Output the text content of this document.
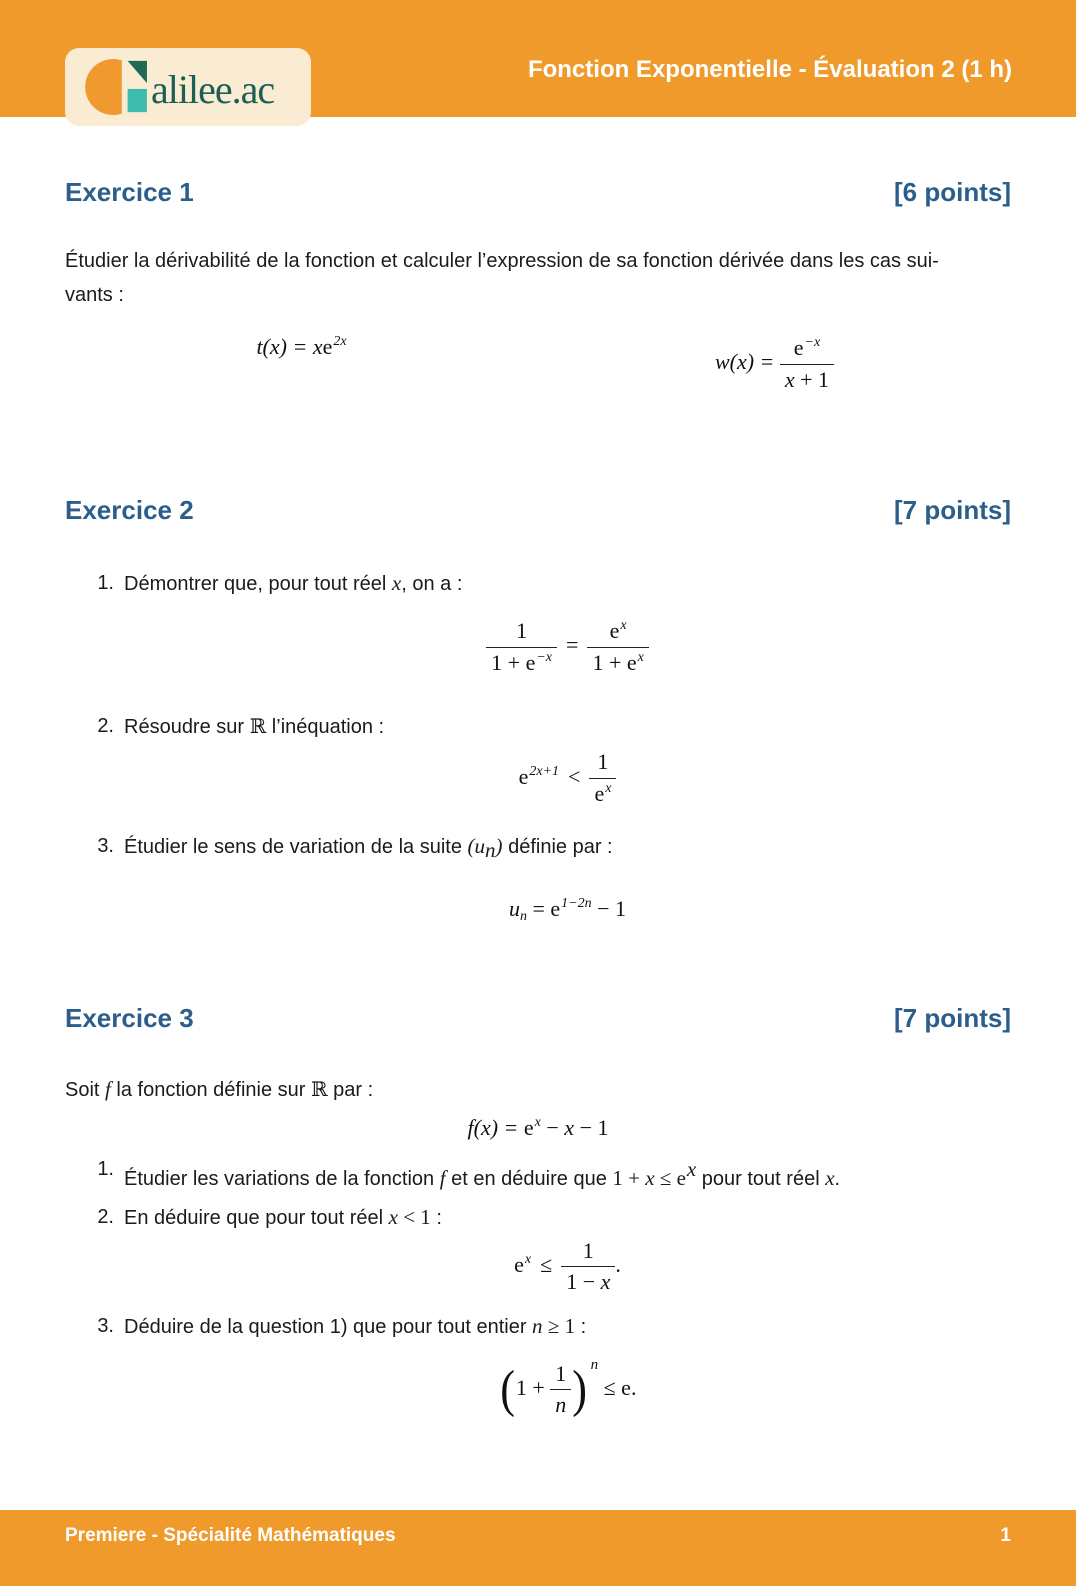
alilee.ac	Fonction Exponentielle - Évaluation 2 (1 h)
Exercice 1	[6 points]

Étudier la dérivabilité de la fonction et calculer l’expression de sa fonction dérivée dans les cas sui-
vants :

$t(x) = xe^{2x}$
$w(x) = \frac{e^{-x}}{x + 1}$
Exercice 2	[7 points]
1. Démontrer que, pour tout réel x, on a :
$\frac{1}{1 + e^{-x}} = \frac{e^x}{1 + e^x}$
2. Résoudre sur ℝ l’inéquation :
$e^{2x+1} < \frac{1}{e^x}$
3. Étudier le sens de variation de la suite (un) définie par :
un = $e^{1-2n} - 1$
Exercice 3	[7 points]

Soit f la fonction définie sur ℝ par :

$f(x) = e^x - x - 1$
1. Étudier les variations de la fonction f et en déduire que 1 + x ≤ ex pour tout réel x.
2. En déduire que pour tout réel x < 1 :
$e^x \le \frac{1}{1 - x}$ .
3. Déduire de la question 1) que pour tout entier n ≥ 1 :
($1 + \frac{1}{n}$ ) $^n$ ≤ e.
Premiere - Spécialité Mathématiques	1
